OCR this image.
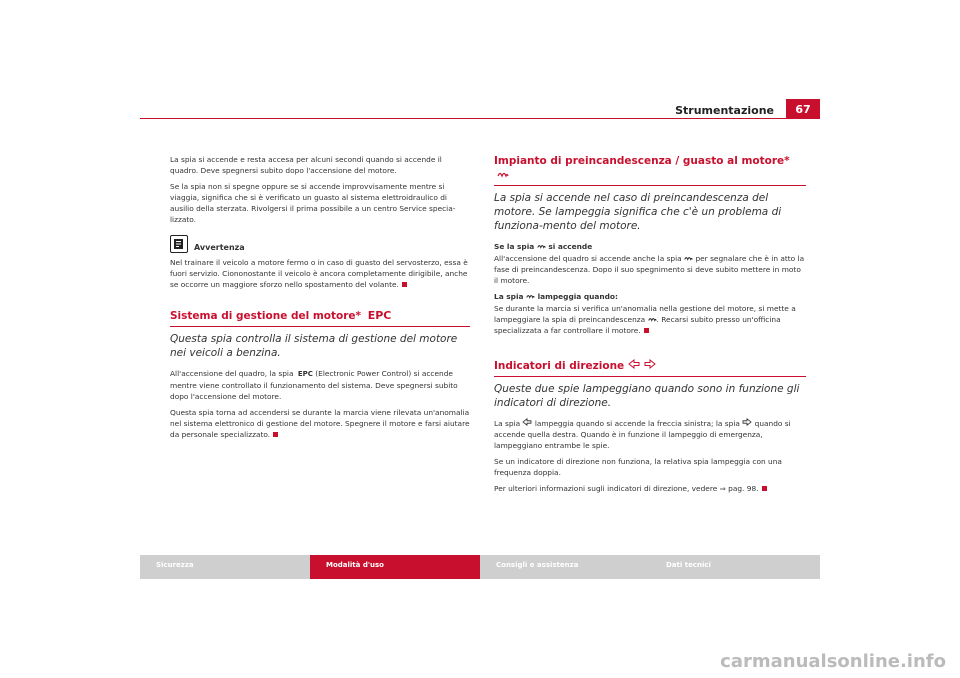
Strumentazione	67

La spia si accende e resta accesa per alcuni secondi quando si accende il quadro. Deve spegnersi subito dopo l'accensione del motore.

Se la spia non si spegne oppure se si accende improvvisamente mentre si viaggia, significa che si è verificato un guasto al sistema elettroidraulico di ausilio della sterzata. Rivolgersi il prima possibile a un centro Service specia-lizzato.

Avvertenza

Nel trainare il veicolo a motore fermo o in caso di guasto del servosterzo, essa è fuori servizio. Ciononostante il veicolo è ancora completamente dirigibile, anche se occorre un maggiore sforzo nello spostamento del volante.

Sistema di gestione del motore* EPC
Questa spia controlla il sistema di gestione del motore nei veicoli a benzina.

All'accensione del quadro, la spia EPC (Electronic Power Control) si accende mentre viene controllato il funzionamento del sistema. Deve spegnersi subito dopo l'accensione del motore.

Questa spia torna ad accendersi se durante la marcia viene rilevata un'anomalia nel sistema elettronico di gestione del motore. Spegnere il motore e farsi aiutare da personale specializzato.

Impianto di preincandescenza / guasto al motore*
La spia si accende nel caso di preincandescenza del motore. Se lampeggia significa che c'è un problema di funziona-mento del motore.

Se la spia si accende

All'accensione del quadro si accende anche la spia per segnalare che è in atto la fase di preincandescenza. Dopo il suo spegnimento si deve subito mettere in moto il motore.

La spia lampeggia quando:

Se durante la marcia si verifica un'anomalia nella gestione del motore, si mette a lampeggiare la spia di preincandescenza . Recarsi subito presso un'officina specializzata a far controllare il motore.

Indicatori di direzione
Queste due spie lampeggiano quando sono in funzione gli indicatori di direzione.

La spia lampeggia quando si accende la freccia sinistra; la spia quando si accende quella destra. Quando è in funzione il lampeggio di emergenza, lampeggiano entrambe le spie.

Se un indicatore di direzione non funziona, la relativa spia lampeggia con una frequenza doppia.

Per ulteriori informazioni sugli indicatori di direzione, vedere ⇒ pag. 98.

Sicurezza	Modalità d'uso	Consigli e assistenza	Dati tecnici
carmanualsonline.info
